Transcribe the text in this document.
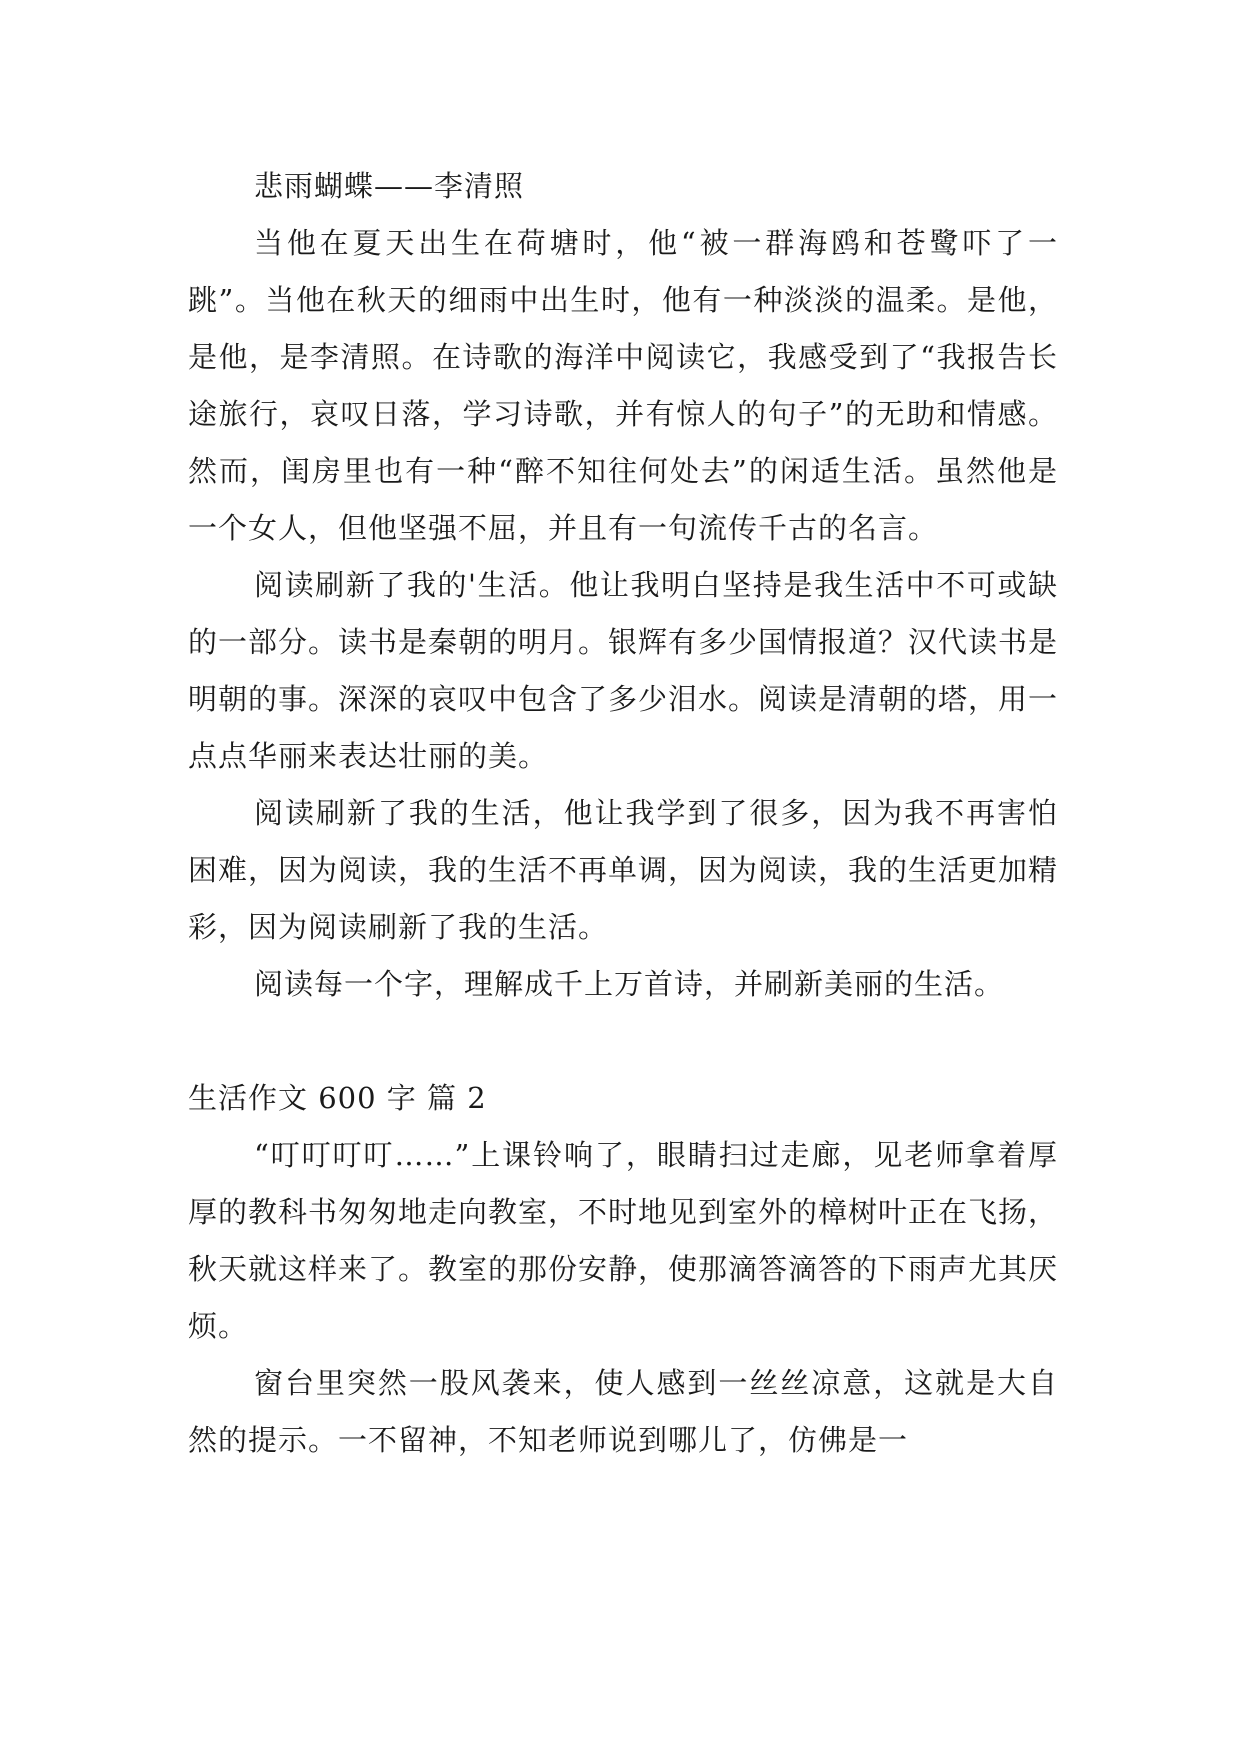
悲雨蝴蝶——李清照

当他在夏天出生在荷塘时，他“被一群海鸥和苍鹭吓了一跳”。当他在秋天的细雨中出生时，他有一种淡淡的温柔。是他，是他，是李清照。在诗歌的海洋中阅读它，我感受到了“我报告长途旅行，哀叹日落，学习诗歌，并有惊人的句子”的无助和情感。然而，闺房里也有一种“醉不知往何处去”的闲适生活。虽然他是一个女人，但他坚强不屈，并且有一句流传千古的名言。

阅读刷新了我的'生活。他让我明白坚持是我生活中不可或缺的一部分。读书是秦朝的明月。银辉有多少国情报道？汉代读书是明朝的事。深深的哀叹中包含了多少泪水。阅读是清朝的塔，用一点点华丽来表达壮丽的美。

阅读刷新了我的生活，他让我学到了很多，因为我不再害怕困难，因为阅读，我的生活不再单调，因为阅读，我的生活更加精彩，因为阅读刷新了我的生活。

阅读每一个字，理解成千上万首诗，并刷新美丽的生活。

生活作文 600 字 篇 2

“叮叮叮叮……”上课铃响了，眼睛扫过走廊，见老师拿着厚厚的教科书匆匆地走向教室，不时地见到室外的樟树叶正在飞扬，秋天就这样来了。教室的那份安静，使那滴答滴答的下雨声尤其厌烦。

窗台里突然一股风袭来，使人感到一丝丝凉意，这就是大自然的提示。一不留神，不知老师说到哪儿了，仿佛是一
